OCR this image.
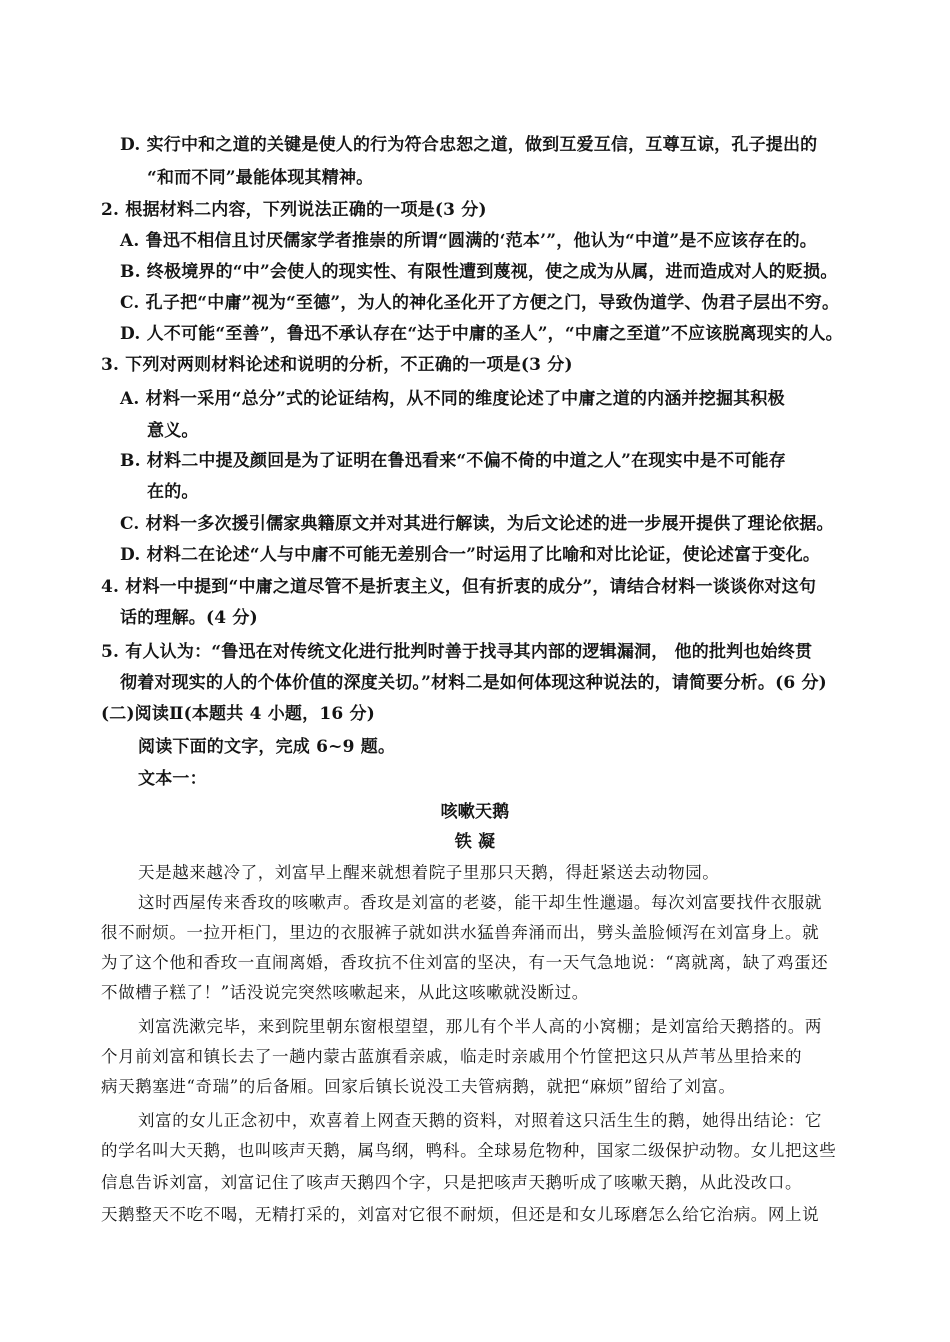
D. 实行中和之道的关键是使人的行为符合忠恕之道，做到互爱互信，互尊互谅，孔子提出的
“和而不同”最能体现其精神。
2. 根据材料二内容，下列说法正确的一项是(3 分)
A. 鲁迅不相信且讨厌儒家学者推崇的所谓“圆满的‘范本’”，他认为“中道”是不应该存在的。
B. 终极境界的“中”会使人的现实性、有限性遭到蔑视，使之成为从属，进而造成对人的贬损。
C. 孔子把“中庸”视为“至德”，为人的神化圣化开了方便之门，导致伪道学、伪君子层出不穷。
D. 人不可能“至善”，鲁迅不承认存在“达于中庸的圣人”，“中庸之至道”不应该脱离现实的人。
3. 下列对两则材料论述和说明的分析，不正确的一项是(3 分)
A. 材料一采用“总分”式的论证结构，从不同的维度论述了中庸之道的内涵并挖掘其积极
意义。
B. 材料二中提及颜回是为了证明在鲁迅看来“不偏不倚的中道之人”在现实中是不可能存
在的。
C. 材料一多次援引儒家典籍原文并对其进行解读，为后文论述的进一步展开提供了理论依据。
D. 材料二在论述“人与中庸不可能无差别合一”时运用了比喻和对比论证，使论述富于变化。
4. 材料一中提到“中庸之道尽管不是折衷主义，但有折衷的成分”，请结合材料一谈谈你对这句
话的理解。(4 分)
5. 有人认为：“鲁迅在对传统文化进行批判时善于找寻其内部的逻辑漏洞， 他的批判也始终贯
彻着对现实的人的个体价值的深度关切。”材料二是如何体现这种说法的，请简要分析。(6 分)
(二)阅读Ⅱ(本题共 4 小题，16 分)
阅读下面的文字，完成 6~9 题。
文本一：
咳嗽天鹅
铁 凝
天是越来越冷了，刘富早上醒来就想着院子里那只天鹅，得赶紧送去动物园。
这时西屋传来香玫的咳嗽声。香玫是刘富的老婆，能干却生性邋遢。每次刘富要找件衣服就
很不耐烦。一拉开柜门，里边的衣服裤子就如洪水猛兽奔涌而出，劈头盖脸倾泻在刘富身上。就
为了这个他和香玫一直闹离婚，香玫抗不住刘富的坚决，有一天气急地说：“离就离，缺了鸡蛋还
不做槽子糕了！”话没说完突然咳嗽起来，从此这咳嗽就没断过。
刘富洗漱完毕，来到院里朝东窗根望望，那儿有个半人高的小窝棚；是刘富给天鹅搭的。两
个月前刘富和镇长去了一趟内蒙古蓝旗看亲戚，临走时亲戚用个竹筐把这只从芦苇丛里拾来的
病天鹅塞进“奇瑞”的后备厢。回家后镇长说没工夫管病鹅，就把“麻烦”留给了刘富。
刘富的女儿正念初中，欢喜着上网查天鹅的资料，对照着这只活生生的鹅，她得出结论：它
的学名叫大天鹅，也叫咳声天鹅，属鸟纲，鸭科。全球易危物种，国家二级保护动物。女儿把这些
信息告诉刘富，刘富记住了咳声天鹅四个字，只是把咳声天鹅听成了咳嗽天鹅，从此没改口。
天鹅整天不吃不喝，无精打采的，刘富对它很不耐烦，但还是和女儿琢磨怎么给它治病。网上说
